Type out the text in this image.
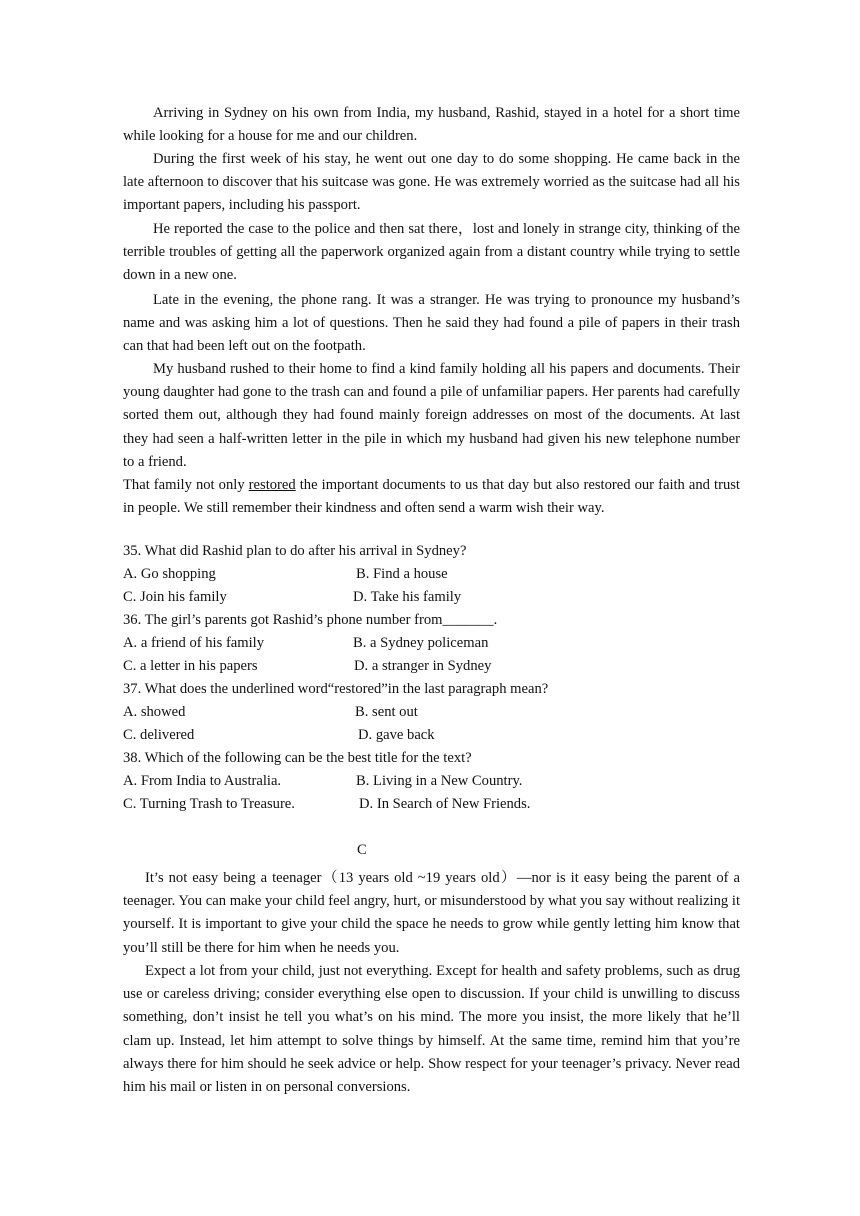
Arriving in Sydney on his own from India, my husband, Rashid, stayed in a hotel for a short time while looking for a house for me and our children.

During the first week of his stay, he went out one day to do some shopping. He came back in the late afternoon to discover that his suitcase was gone. He was extremely worried as the suitcase had all his important papers, including his passport.

He reported the case to the police and then sat there，lost and lonely in strange city, thinking of the terrible troubles of getting all the paperwork organized again from a distant country while trying to settle down in a new one.

Late in the evening, the phone rang. It was a stranger. He was trying to pronounce my husband’s name and was asking him a lot of questions. Then he said they had found a pile of papers in their trash can that had been left out on the footpath.

My husband rushed to their home to find a kind family holding all his papers and documents. Their young daughter had gone to the trash can and found a pile of unfamiliar papers. Her parents had carefully sorted them out, although they had found mainly foreign addresses on most of the documents. At last they had seen a half-written letter in the pile in which my husband had given his new telephone number to a friend.

That family not only restored the important documents to us that day but also restored our faith and trust in people. We still remember their kindness and often send a warm wish their way.

35. What did Rashid plan to do after his arrival in Sydney?

A. Go shopping	B. Find a house

C. Join his family	D. Take his family

36. The girl’s parents got Rashid’s phone number from_______.

A. a friend of his family	B. a Sydney policeman

C. a letter in his papers	D. a stranger in Sydney

37. What does the underlined word“restored”in the last paragraph mean?

A. showed	B. sent out

C. delivered	D. gave back

38. Which of the following can be the best title for the text?

A. From India to Australia.	B. Living in a New Country.

C. Turning Trash to Treasure.	D. In Search of New Friends.

C

It’s not easy being a teenager（13 years old ~19 years old）—nor is it easy being the parent of a teenager. You can make your child feel angry, hurt, or misunderstood by what you say without realizing it yourself. It is important to give your child the space he needs to grow while gently letting him know that you’ll still be there for him when he needs you.

Expect a lot from your child, just not everything. Except for health and safety problems, such as drug use or careless driving; consider everything else open to discussion. If your child is unwilling to discuss something, don’t insist he tell you what’s on his mind. The more you insist, the more likely that he’ll clam up. Instead, let him attempt to solve things by himself. At the same time, remind him that you’re always there for him should he seek advice or help. Show respect for your teenager’s privacy. Never read him his mail or listen in on personal conversions.
